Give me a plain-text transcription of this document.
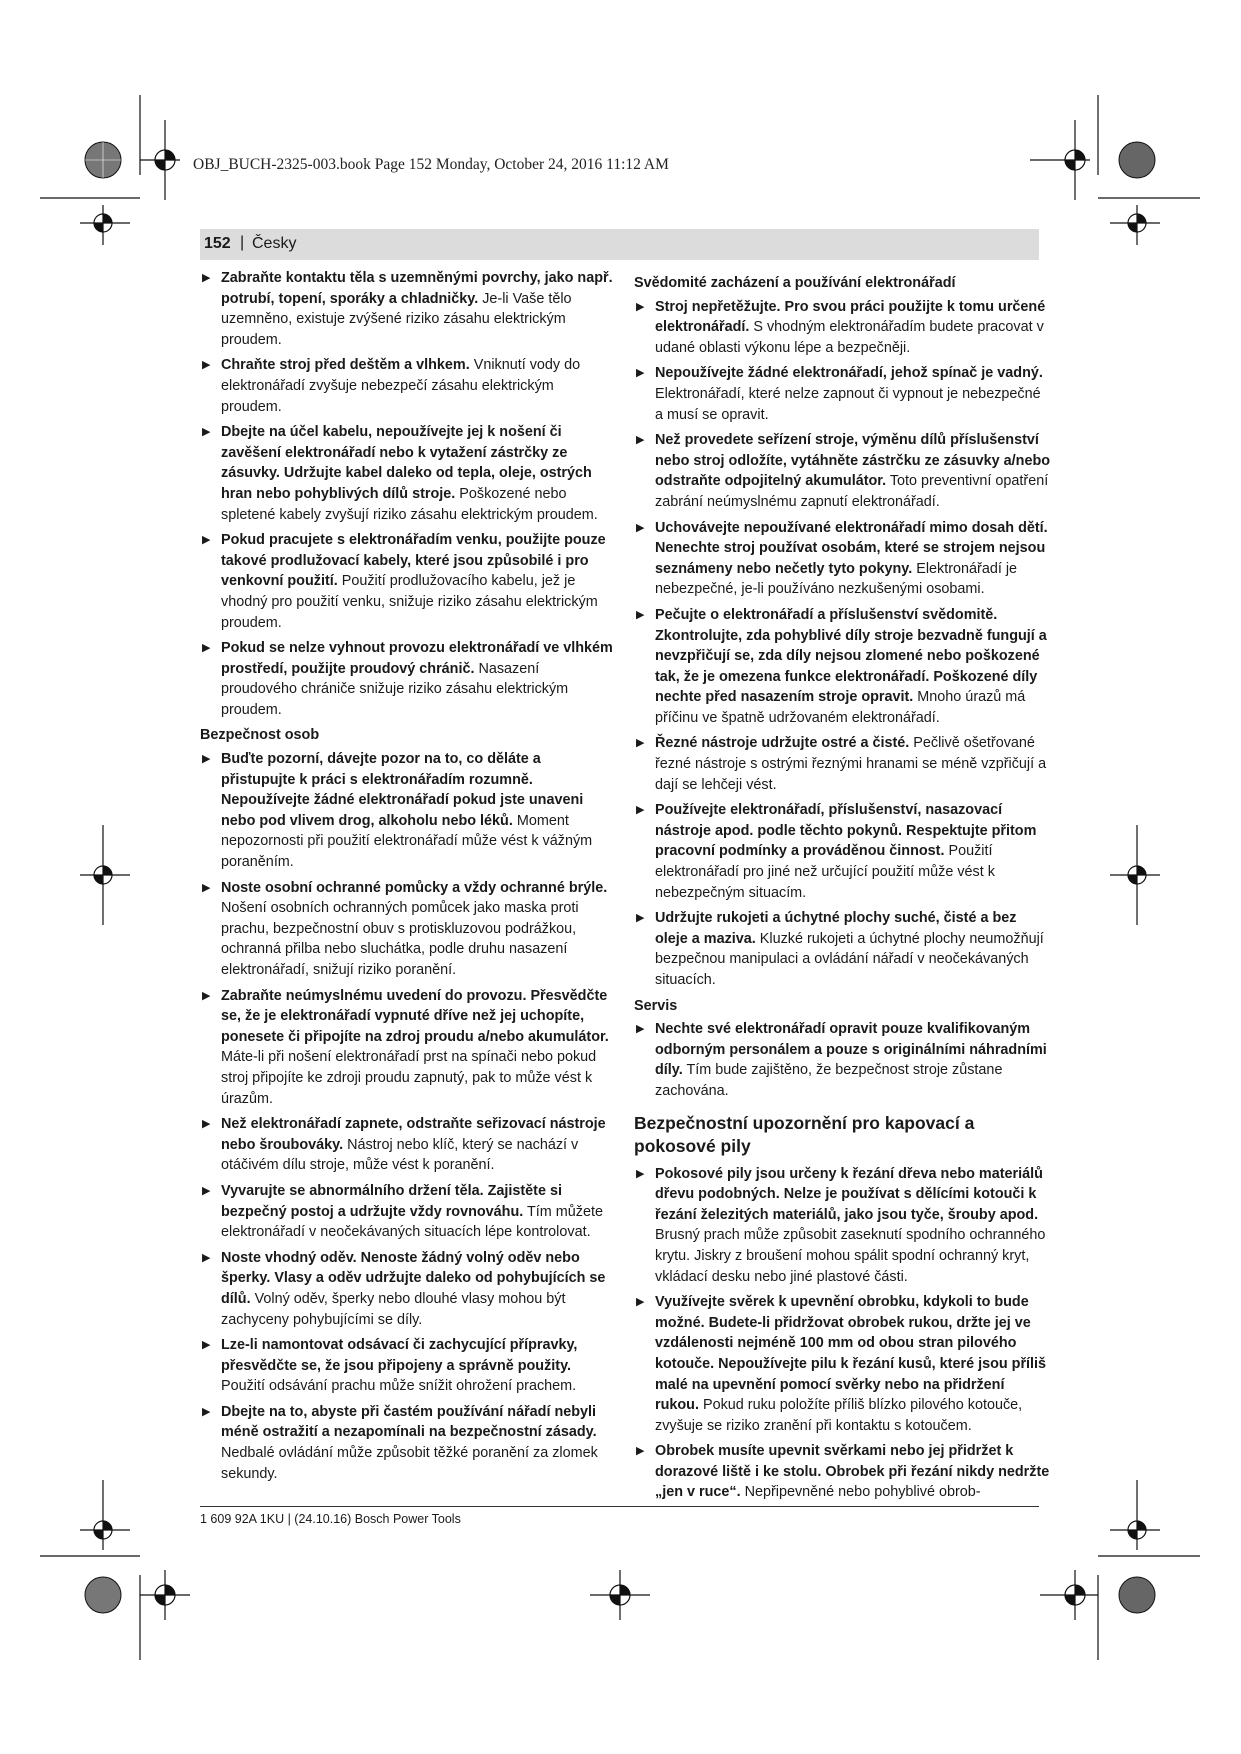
OBJ_BUCH-2325-003.book Page 152 Monday, October 24, 2016 11:12 AM
152 | Česky
▶ Zabraňte kontaktu těla s uzemněnými povrchy, jako např. potrubí, topení, sporáky a chladničky. Je-li Vaše tělo uzemněno, existuje zvýšené riziko zásahu elektrickým proudem.
▶ Chraňte stroj před deštěm a vlhkem. Vniknutí vody do elektronářadí zvyšuje nebezpečí zásahu elektrickým proudem.
▶ Dbejte na účel kabelu, nepoužívejte jej k nošení či zavěšení elektronářadí nebo k vytažení zástrčky ze zásuvky. Udržujte kabel daleko od tepla, oleje, ostrých hran nebo pohyblivých dílů stroje. Poškozené nebo spletené kabely zvyšují riziko zásahu elektrickým proudem.
▶ Pokud pracujete s elektronářadím venku, použijte pouze takové prodlužovací kabely, které jsou způsobilé i pro venkovní použití. Použití prodlužovacího kabelu, jež je vhodný pro použití venku, snižuje riziko zásahu elektrickým proudem.
▶ Pokud se nelze vyhnout provozu elektronářadí ve vlhkém prostředí, použijte proudový chránič. Nasazení proudového chrániče snižuje riziko zásahu elektrickým proudem.
Bezpečnost osob
▶ Buďte pozorní, dávejte pozor na to, co děláte a přistupujte k práci s elektronářadím rozumně. Nepoužívejte žádné elektronářadí pokud jste unaveni nebo pod vlivem drog, alkoholu nebo léků. Moment nepozornosti při použití elektronářadí může vést k vážným poraněním.
▶ Noste osobní ochranné pomůcky a vždy ochranné brýle. Nošení osobních ochranných pomůcek jako maska proti prachu, bezpečnostní obuv s protiskluzovou podrážkou, ochranná přilba nebo sluchátka, podle druhu nasazení elektronářadí, snižují riziko poranění.
▶ Zabraňte neúmyslnému uvedení do provozu. Přesvědčte se, že je elektronářadí vypnuté dříve než jej uchopíte, ponesete či připojíte na zdroj proudu a/nebo akumulátor. Máte-li při nošení elektronářadí prst na spínači nebo pokud stroj připojíte ke zdroji proudu zapnutý, pak to může vést k úrazům.
▶ Než elektronářadí zapnete, odstraňte seřizovací nástroje nebo šroubováky. Nástroj nebo klíč, který se nachází v otáčivém dílu stroje, může vést k poranění.
▶ Vyvarujte se abnormálního držení těla. Zajistěte si bezpečný postoj a udržujte vždy rovnováhu. Tím můžete elektronářadí v neočekávaných situacích lépe kontrolovat.
▶ Noste vhodný oděv. Nenoste žádný volný oděv nebo šperky. Vlasy a oděv udržujte daleko od pohybujících se dílů. Volný oděv, šperky nebo dlouhé vlasy mohou být zachyceny pohybujícími se díly.
▶ Lze-li namontovat odsávací či zachycující přípravky, přesvědčte se, že jsou připojeny a správně použity. Použití odsávání prachu může snížit ohrožení prachem.
▶ Dbejte na to, abyste při častém používání nářadí nebyli méně ostražití a nezapomínali na bezpečnostní zásady. Nedbalé ovládání může způsobit těžké poranění za zlomek sekundy.
Svědomité zacházení a používání elektronářadí
▶ Stroj nepřetěžujte. Pro svou práci použijte k tomu určené elektronářadí. S vhodným elektronářadím budete pracovat v udané oblasti výkonu lépe a bezpečněji.
▶ Nepoužívejte žádné elektronářadí, jehož spínač je vadný. Elektronářadí, které nelze zapnout či vypnout je nebezpečné a musí se opravit.
▶ Než provedete seřízení stroje, výměnu dílů příslušenství nebo stroj odložíte, vytáhněte zástrčku ze zásuvky a/nebo odstraňte odpojitelný akumulátor. Toto preventivní opatření zabrání neúmyslnému zapnutí elektronářadí.
▶ Uchovávejte nepoužívané elektronářadí mimo dosah dětí. Nenechte stroj používat osobám, které se strojem nejsou seznámeny nebo nečetly tyto pokyny. Elektronářadí je nebezpečné, je-li používáno nezkušenými osobami.
▶ Pečujte o elektronářadí a příslušenství svědomitě. Zkontrolujte, zda pohyblivé díly stroje bezvadně fungují a nevzpřičují se, zda díly nejsou zlomené nebo poškozené tak, že je omezena funkce elektronářadí. Poškozené díly nechte před nasazením stroje opravit. Mnoho úrazů má příčinu ve špatně udržovaném elektronářadí.
▶ Řezné nástroje udržujte ostré a čisté. Pečlivě ošetřované řezné nástroje s ostrými řeznými hranami se méně vzpřičují a dají se lehčeji vést.
▶ Používejte elektronářadí, příslušenství, nasazovací nástroje apod. podle těchto pokynů. Respektujte přitom pracovní podmínky a prováděnou činnost. Použití elektronářadí pro jiné než určující použití může vést k nebezpečným situacím.
▶ Udržujte rukojeti a úchytné plochy suché, čisté a bez oleje a maziva. Kluzké rukojeti a úchytné plochy neumožňují bezpečnou manipulaci a ovládání nářadí v neočekávaných situacích.
Servis
▶ Nechte své elektronářadí opravit pouze kvalifikovaným odborným personálem a pouze s originálními náhradními díly. Tím bude zajištěno, že bezpečnost stroje zůstane zachována.
Bezpečnostní upozornění pro kapovací a pokosové pily
▶ Pokosové pily jsou určeny k řezání dřeva nebo materiálů dřevu podobných. Nelze je používat s dělícími kotouči k řezání železitých materiálů, jako jsou tyče, šrouby apod. Brusný prach může způsobit zaseknutí spodního ochranného krytu. Jiskry z broušení mohou spálit spodní ochranný kryt, vkládací desku nebo jiné plastové části.
▶ Využívejte svěrek k upevnění obrobku, kdykoli to bude možné. Budete-li přidržovat obrobek rukou, držte jej ve vzdálenosti nejméně 100 mm od obou stran pilového kotouče. Nepoužívejte pilu k řezání kusů, které jsou příliš malé na upevnění pomocí svěrky nebo na přidržení rukou. Pokud ruku položíte příliš blízko pilového kotouče, zvyšuje se riziko zranění při kontaktu s kotoučem.
▶ Obrobek musíte upevnit svěrkami nebo jej přidržet k dorazové liště i ke stolu. Obrobek při řezání nikdy nedržte „jen v ruce“. Nepřipevněné nebo pohyblivé obrob-
1 609 92A 1KU | (24.10.16) Bosch Power Tools
